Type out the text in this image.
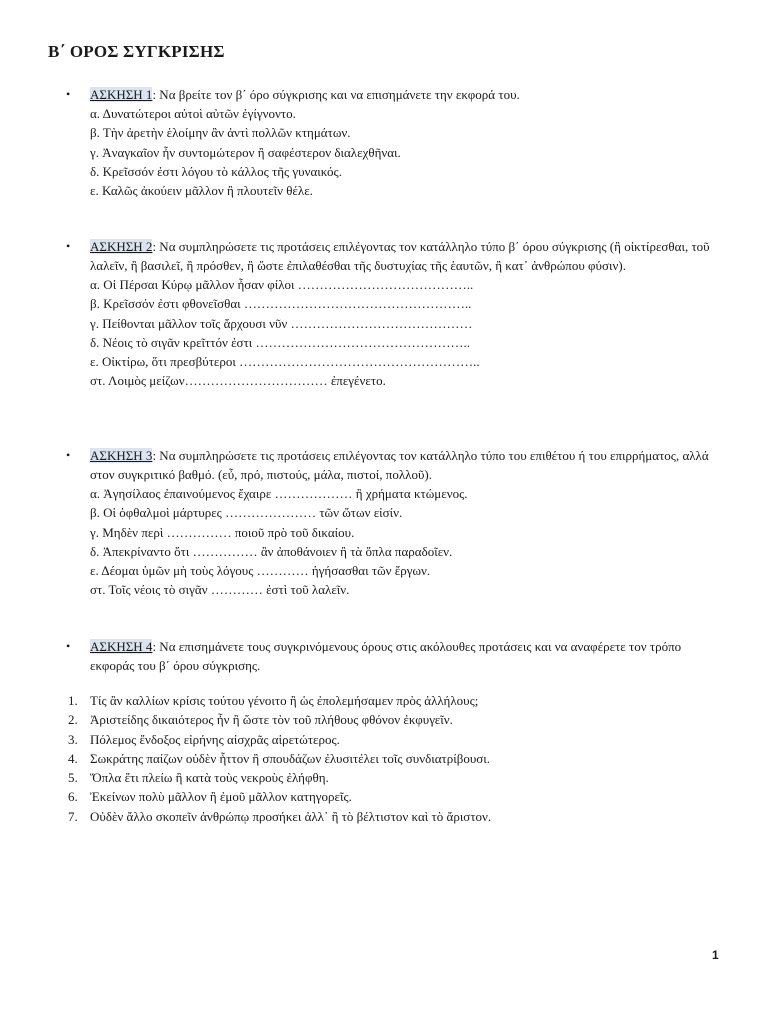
Β΄ ΟΡΟΣ ΣΥΓΚΡΙΣΗΣ
• ΑΣΚΗΣΗ 1: Να βρείτε τον β΄ όρο σύγκρισης και να επισημάνετε την εκφορά του.
α. Δυνατώτεροι αὐτοὶ αὐτῶν ἐγίγνοντο.
β. Τὴν ἀρετὴν ἑλοίμην ἂν ἀντὶ πολλῶν κτημάτων.
γ. Ἀναγκαῖον ἦν συντομώτερον ἢ σαφέστερον διαλεχθῆναι.
δ. Κρεῖσσόν ἐστι λόγου τὸ κάλλος τῆς γυναικός.
ε. Καλῶς ἀκούειν μᾶλλον ἢ πλουτεῖν θέλε.
• ΑΣΚΗΣΗ 2: Να συμπληρώσετε τις προτάσεις επιλέγοντας τον κατάλληλο τύπο β΄ όρου σύγκρισης (ἢ οἰκτίρεσθαι, τοῦ λαλεῖν, ἢ βασιλεῖ, ἢ πρόσθεν, ἢ ὥστε ἐπιλαθέσθαι τῆς δυστυχίας τῆς ἑαυτῶν, ἢ κατ᾽ ἀνθρώπου φύσιν).
α. Οἱ Πέρσαι Κύρῳ μᾶλλον ἦσαν φίλοι …………………………………..
β. Κρεῖσσόν ἐστι φθονεῖσθαι ……………………………………………..
γ. Πείθονται μᾶλλον τοῖς ἄρχουσι νῦν ……………………………………
δ. Νέοις τὸ σιγᾶν κρεῖττόν ἐστι …………………………………………..
ε. Οἰκτίρω, ὅτι πρεσβύτεροι ………………………………………………..
στ. Λοιμὸς μείζων…………………………… ἐπεγένετο.
• ΑΣΚΗΣΗ 3: Να συμπληρώσετε τις προτάσεις επιλέγοντας τον κατάλληλο τύπο του επιθέτου ή του επιρρήματος, αλλά στον συγκριτικό βαθμό. (εὖ, πρό, πιστούς, μάλα, πιστοί, πολλοῦ).
α. Ἀγησίλαος ἐπαινούμενος ἔχαιρε ……………… ἢ χρήματα κτώμενος.
β. Οἱ ὀφθαλμοὶ μάρτυρες ………………… τῶν ὤτων εἰσίν.
γ. Μηδὲν περὶ …………… ποιοῦ πρὸ τοῦ δικαίου.
δ. Ἀπεκρίναντο ὅτι …………… ἂν ἀποθάνοιεν ἢ τὰ ὅπλα παραδοῖεν.
ε. Δέομαι ὑμῶν μὴ τοὺς λόγους ………… ἡγήσασθαι τῶν ἔργων.
στ. Τοῖς νέοις τὸ σιγᾶν ………… ἐστὶ τοῦ λαλεῖν.
• ΑΣΚΗΣΗ 4: Να επισημάνετε τους συγκρινόμενους όρους στις ακόλουθες προτάσεις και να αναφέρετε τον τρόπο εκφοράς του β΄ όρου σύγκρισης.
1. Τίς ἂν καλλίων κρίσις τούτου γένοιτο ἢ ὡς ἐπολεμήσαμεν πρὸς ἀλλήλους;
2. Ἀριστείδης δικαιότερος ἦν ἢ ὥστε τὸν τοῦ πλήθους φθόνον ἐκφυγεῖν.
3. Πόλεμος ἔνδοξος εἰρήνης αἰσχρᾶς αἱρετώτερος.
4. Σωκράτης παίζων οὐδὲν ἧττον ἢ σπουδάζων ἐλυσιτέλει τοῖς συνδιατρίβουσι.
5. Ὅπλα ἔτι πλείω ἢ κατὰ τοὺς νεκροὺς ἐλήφθη.
6. Ἐκείνων πολὺ μᾶλλον ἢ ἐμοῦ μᾶλλον κατηγορεῖς.
7. Οὐδὲν ἄλλο σκοπεῖν ἀνθρώπῳ προσήκει ἀλλ᾽ ἢ τὸ βέλτιστον καὶ τὸ ἄριστον.
1
